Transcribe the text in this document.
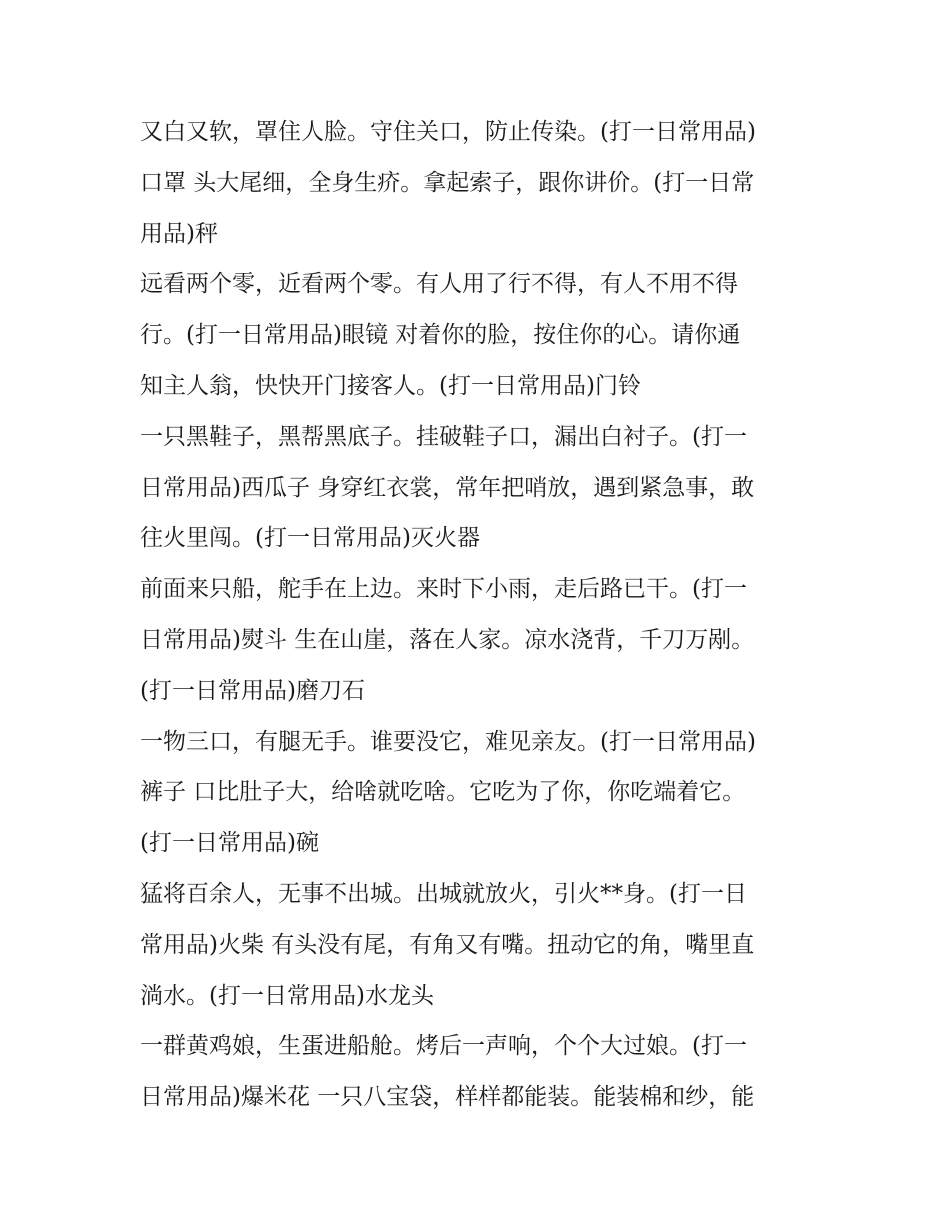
又白又软，罩住人脸。守住关口，防止传染。(打一日常用品)
口罩 头大尾细，全身生疥。拿起索子，跟你讲价。(打一日常
用品)秤
远看两个零，近看两个零。有人用了行不得，有人不用不得
行。(打一日常用品)眼镜 对着你的脸，按住你的心。请你通
知主人翁，快快开门接客人。(打一日常用品)门铃
一只黑鞋子，黑帮黑底子。挂破鞋子口，漏出白衬子。(打一
日常用品)西瓜子 身穿红衣裳，常年把哨放，遇到紧急事，敢
往火里闯。(打一日常用品)灭火器
前面来只船，舵手在上边。来时下小雨，走后路已干。(打一
日常用品)熨斗 生在山崖，落在人家。凉水浇背，千刀万剐。
(打一日常用品)磨刀石
一物三口，有腿无手。谁要没它，难见亲友。(打一日常用品)
裤子 口比肚子大，给啥就吃啥。它吃为了你，你吃端着它。
(打一日常用品)碗
猛将百余人，无事不出城。出城就放火，引火**身。(打一日
常用品)火柴 有头没有尾，有角又有嘴。扭动它的角，嘴里直
淌水。(打一日常用品)水龙头
一群黄鸡娘，生蛋进船舱。烤后一声响，个个大过娘。(打一
日常用品)爆米花 一只八宝袋，样样都能装。能装棉和纱，能
